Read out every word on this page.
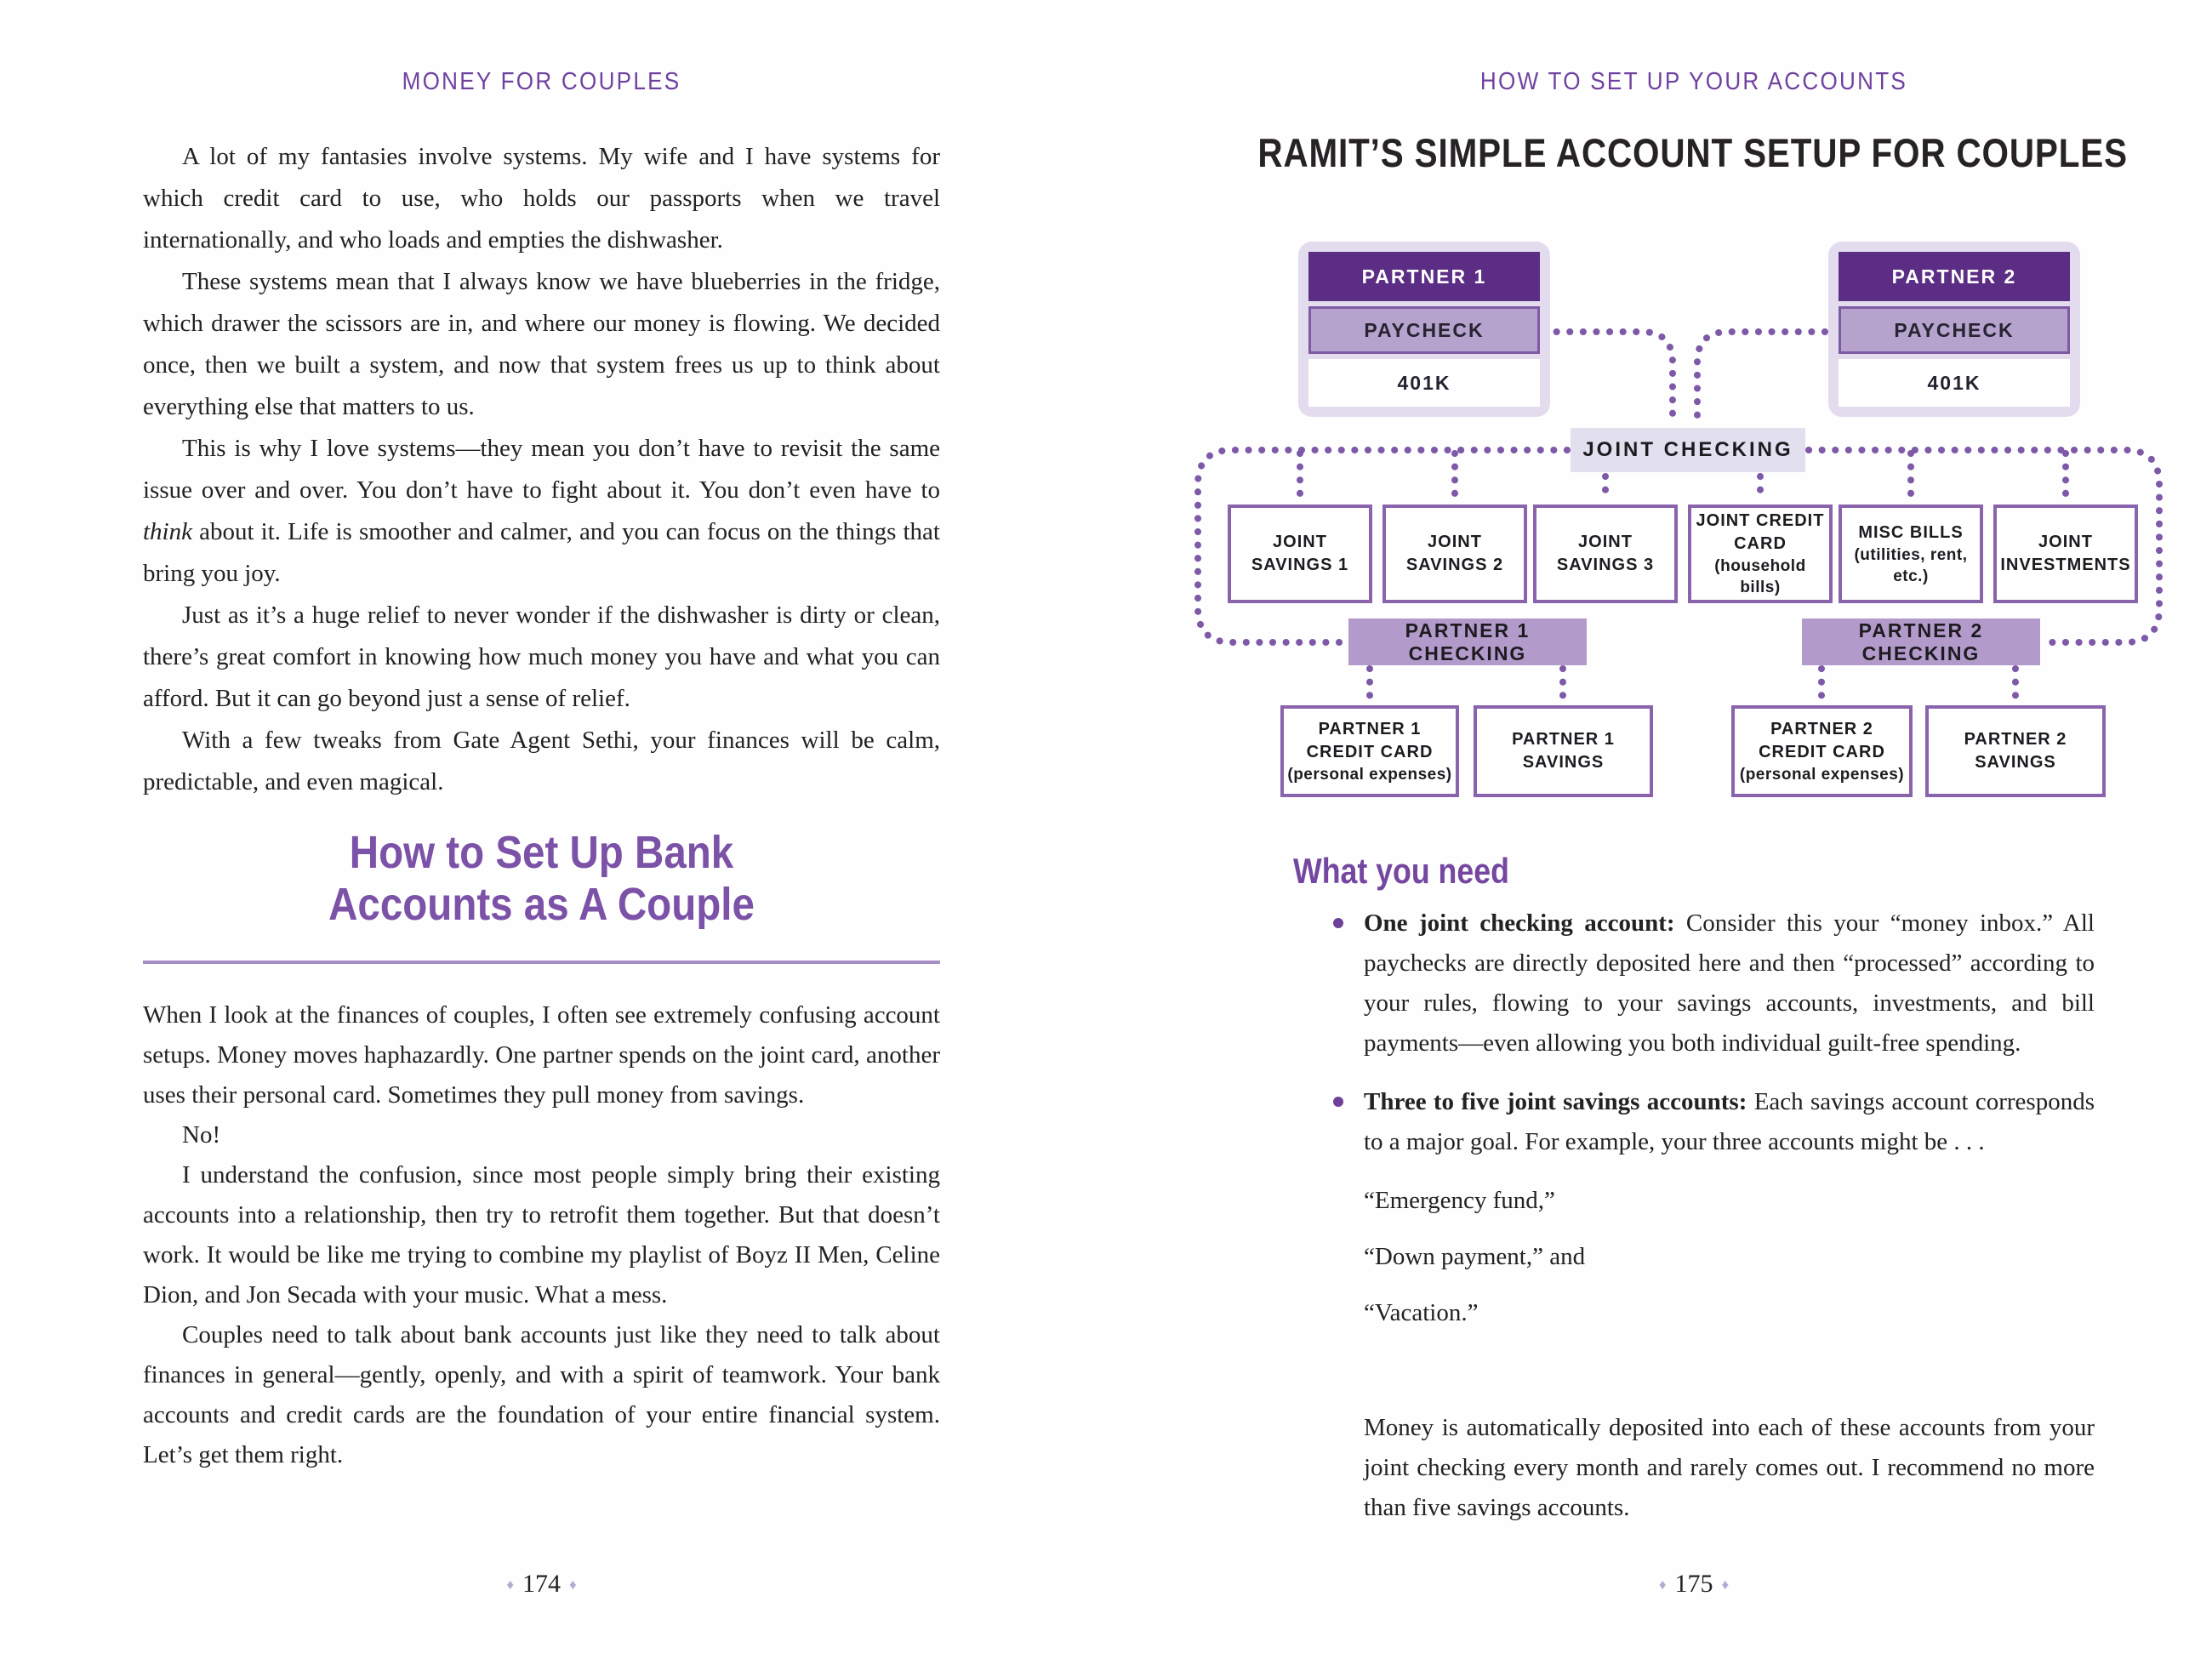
MONEY FOR COUPLES

A lot of my fantasies involve systems. My wife and I have systems for which credit card to use, who holds our passports when we travel internationally, and who loads and empties the dishwasher.

These systems mean that I always know we have blueberries in the fridge, which drawer the scissors are in, and where our money is flowing. We decided once, then we built a system, and now that system frees us up to think about everything else that matters to us.

This is why I love systems—they mean you don’t have to revisit the same issue over and over. You don’t have to fight about it. You don’t even have to think about it. Life is smoother and calmer, and you can focus on the things that bring you joy.

Just as it’s a huge relief to never wonder if the dishwasher is dirty or clean, there’s great comfort in knowing how much money you have and what you can afford. But it can go beyond just a sense of relief.

With a few tweaks from Gate Agent Sethi, your finances will be calm, predictable, and even magical.

How to Set Up Bank
Accounts as A Couple

When I look at the finances of couples, I often see extremely confusing account setups. Money moves haphazardly. One partner spends on the joint card, another uses their personal card. Sometimes they pull money from savings.

No!

I understand the confusion, since most people simply bring their existing accounts into a relationship, then try to retrofit them together. But that doesn’t work. It would be like me trying to combine my playlist of Boyz II Men, Celine Dion, and Jon Secada with your music. What a mess.

Couples need to talk about bank accounts just like they need to talk about finances in general—gently, openly, and with a spirit of teamwork. Your bank accounts and credit cards are the foundation of your entire financial system. Let’s get them right.

♦ 174 ♦
HOW TO SET UP YOUR ACCOUNTS
RAMIT’S SIMPLE ACCOUNT SETUP FOR COUPLES
PARTNER 1
PAYCHECK
401K
PARTNER 2
PAYCHECK
401K
JOINT CHECKING
JOINT SAVINGS 1
JOINT SAVINGS 2
JOINT SAVINGS 3
JOINT CREDIT CARD
(household bills)
MISC BILLS
(utilities, rent, etc.)
JOINT INVESTMENTS
PARTNER 1 CHECKING
PARTNER 2 CHECKING
PARTNER 1 CREDIT CARD
(personal expenses)
PARTNER 1 SAVINGS
PARTNER 2 CREDIT CARD
(personal expenses)
PARTNER 2 SAVINGS
What you need
One joint checking account: Consider this your “money inbox.” All paychecks are directly deposited here and then “processed” according to your rules, flowing to your savings accounts, investments, and bill payments—even allowing you both individual guilt-free spending.
Three to five joint savings accounts: Each savings account corresponds to a major goal. For example, your three accounts might be . . .

“Emergency fund,”

“Down payment,” and

“Vacation.”

Money is automatically deposited into each of these accounts from your joint checking every month and rarely comes out. I recommend no more than five savings accounts.
♦ 175 ♦
